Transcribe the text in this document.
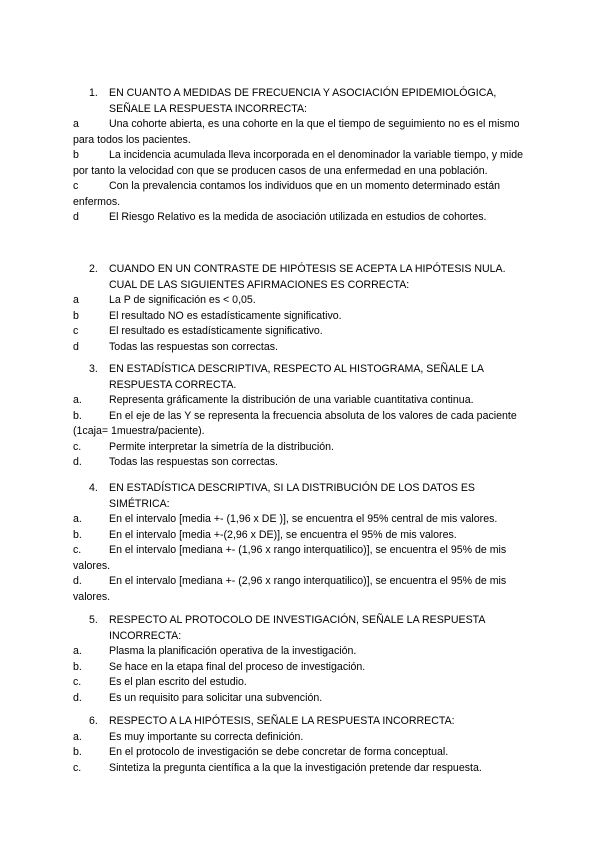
1. EN CUANTO A MEDIDAS DE FRECUENCIA Y ASOCIACIÓN EPIDEMIOLÓGICA, SEÑALE LA RESPUESTA INCORRECTA:
a	Una cohorte abierta, es una cohorte en la que el tiempo de seguimiento no es el mismo para todos los pacientes.
b	La incidencia acumulada lleva incorporada en el denominador la variable tiempo, y mide por tanto la velocidad con que se producen casos de una enfermedad en una población.
c	Con la prevalencia contamos los individuos que en un momento determinado están enfermos.
d	El Riesgo Relativo es la medida de asociación utilizada en estudios de cohortes.
2. CUANDO EN UN CONTRASTE DE HIPÓTESIS SE ACEPTA LA HIPÓTESIS NULA. CUAL DE LAS SIGUIENTES AFIRMACIONES ES CORRECTA:
a	La P de significación es < 0,05.
b	El resultado NO es estadísticamente significativo.
c	El resultado es estadísticamente significativo.
d	Todas las respuestas son correctas.
3. EN ESTADÍSTICA DESCRIPTIVA, RESPECTO AL HISTOGRAMA, SEÑALE LA RESPUESTA CORRECTA.
a.	Representa gráficamente la distribución de una variable cuantitativa continua.
b.	En el eje de las Y se representa la frecuencia absoluta de los valores de cada paciente (1caja= 1muestra/paciente).
c.	Permite interpretar la simetría de la distribución.
d.	Todas las respuestas son correctas.
4. EN ESTADÍSTICA DESCRIPTIVA, SI LA DISTRIBUCIÓN DE LOS DATOS ES SIMÉTRICA:
a.	En el intervalo [media +- (1,96 x DE )], se encuentra el 95% central de mis valores.
b.	En el intervalo [media +-(2,96 x DE)], se encuentra el 95% de mis valores.
c.	En el intervalo [mediana +- (1,96 x rango interquatilico)], se encuentra el 95% de mis valores.
d.	En el intervalo [mediana +- (2,96 x rango interquatilico)], se encuentra el 95% de mis valores.
5. RESPECTO AL PROTOCOLO DE INVESTIGACIÓN, SEÑALE LA RESPUESTA INCORRECTA:
a.	Plasma la planificación operativa de la investigación.
b.	Se hace en la etapa final del proceso de investigación.
c.	Es el plan escrito del estudio.
d.	Es un requisito para solicitar una subvención.
6. RESPECTO A LA HIPÓTESIS, SEÑALE LA RESPUESTA INCORRECTA:
a.	Es muy importante su correcta definición.
b.	En el protocolo de investigación se debe concretar de forma conceptual.
c.	Sintetiza la pregunta científica a la que la investigación pretende dar respuesta.
